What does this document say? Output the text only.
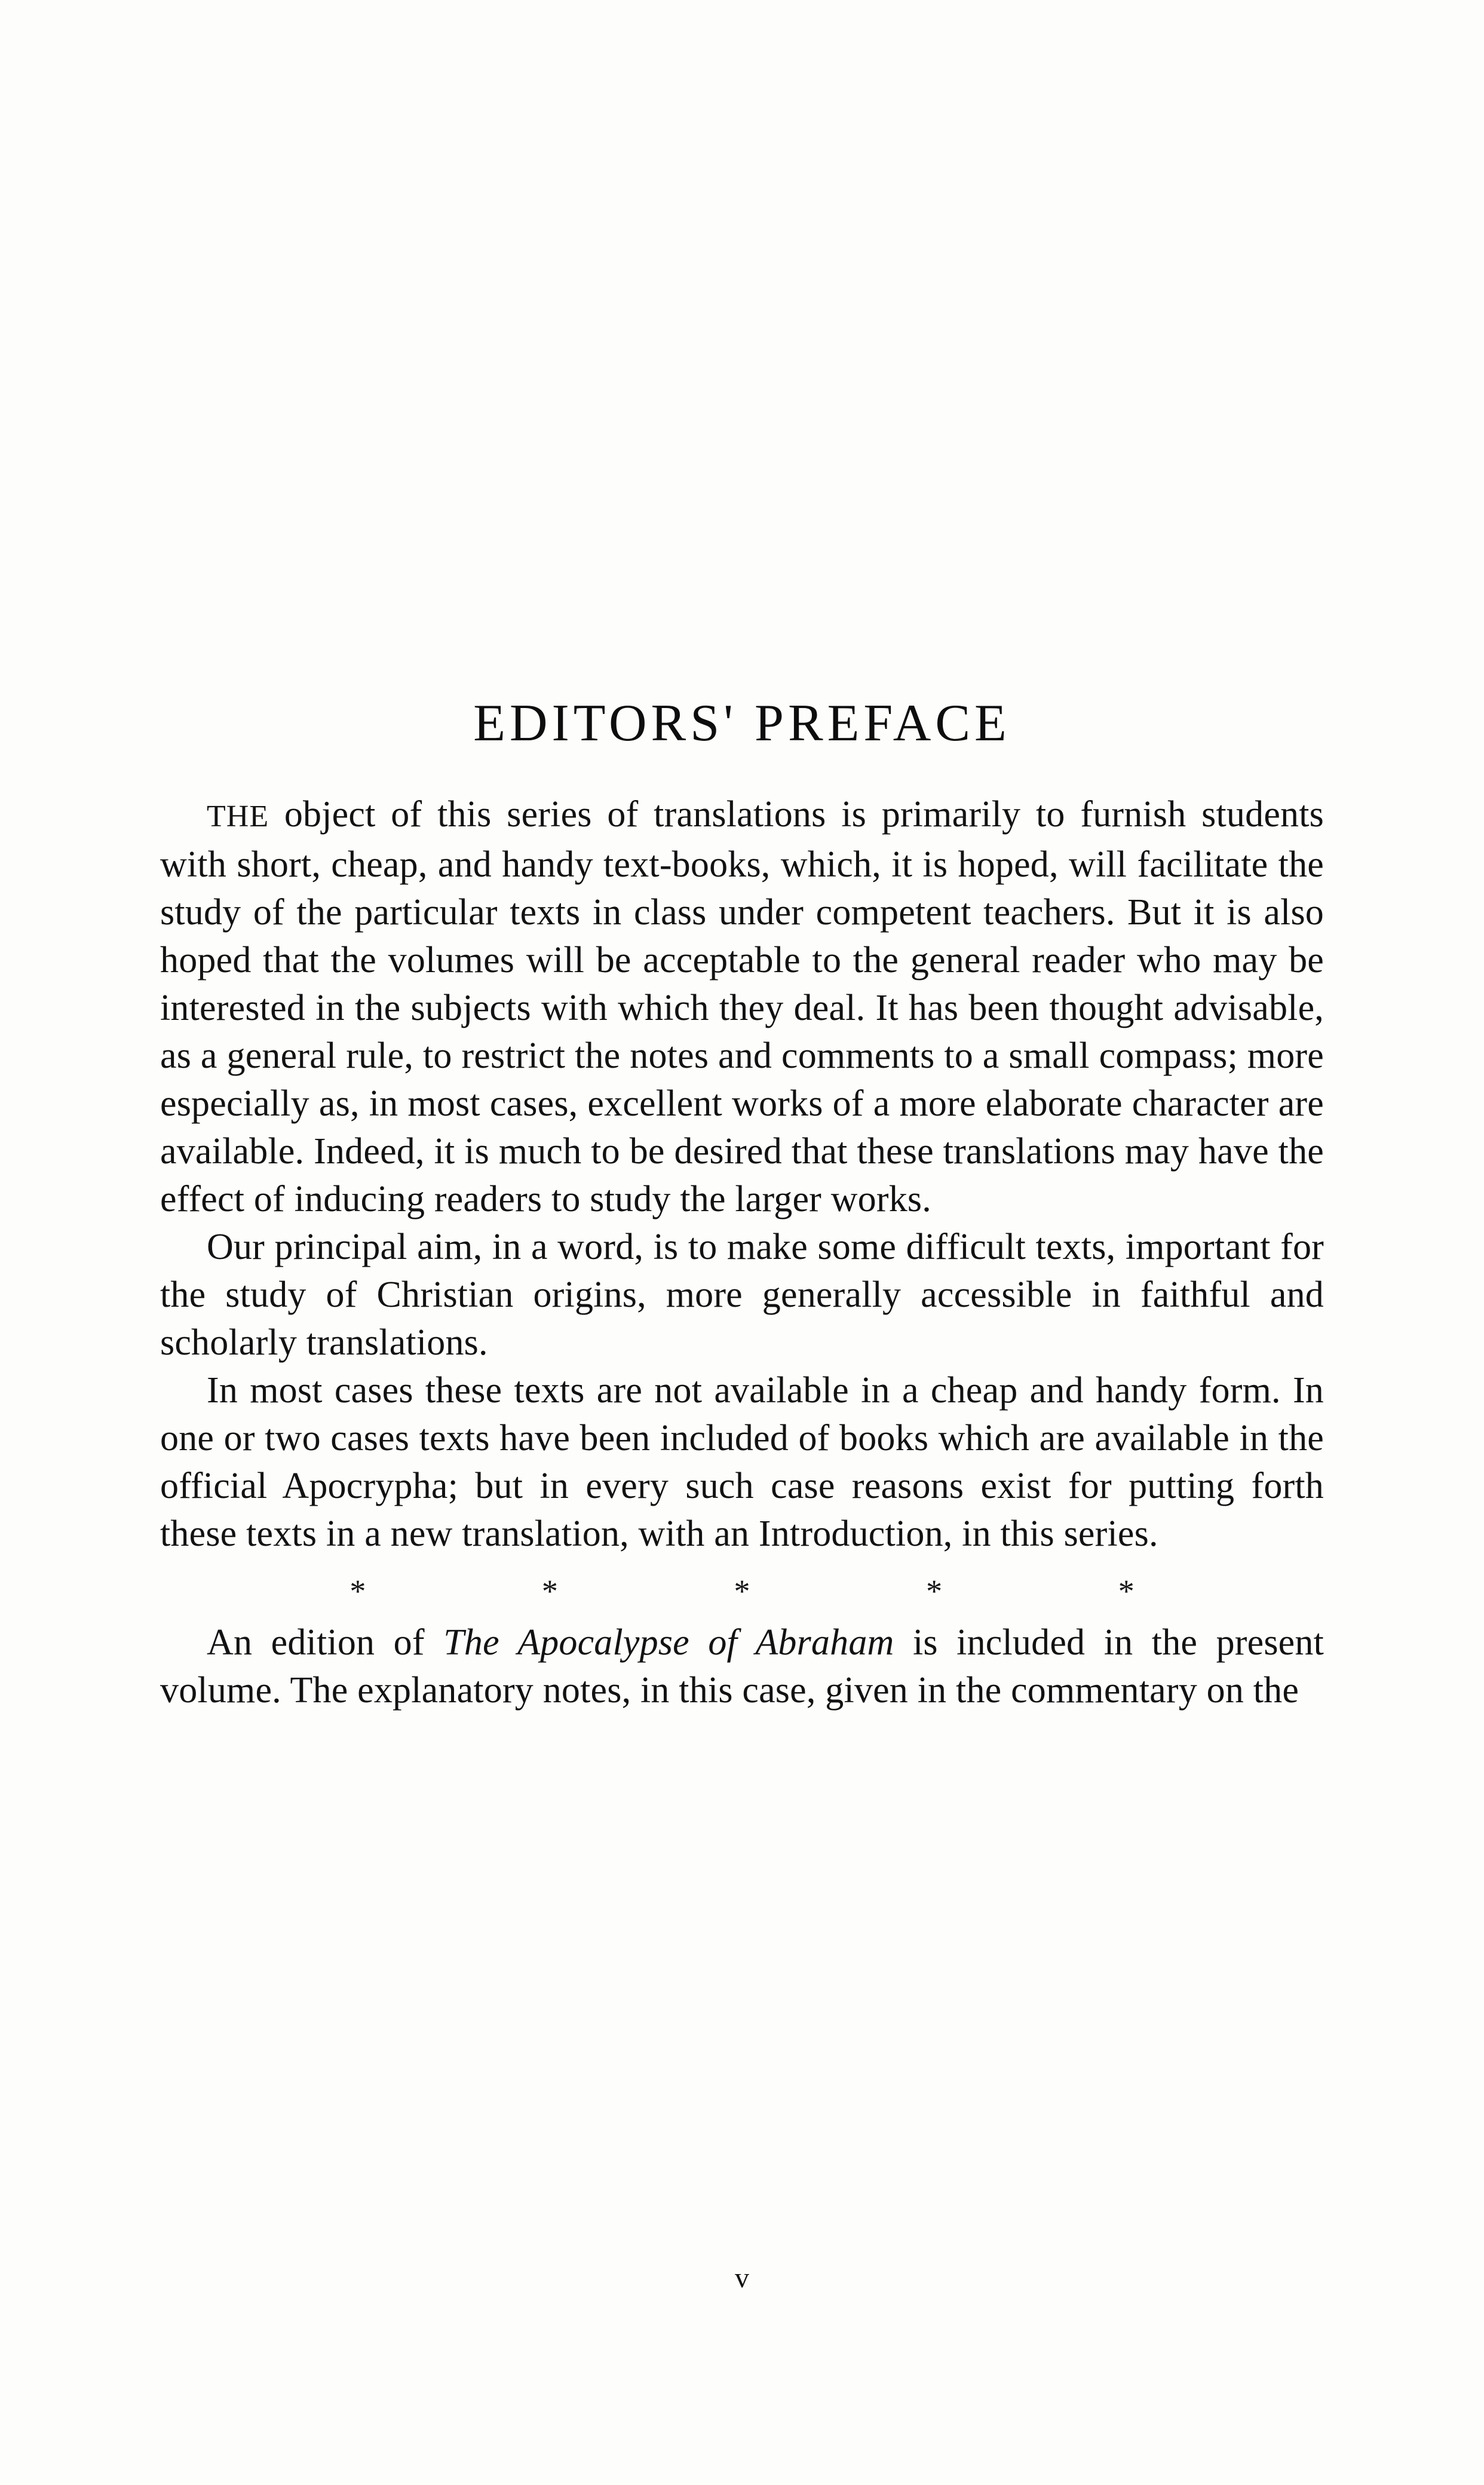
EDITORS' PREFACE

THE object of this series of translations is primarily to furnish students with short, cheap, and handy text-books, which, it is hoped, will facilitate the study of the particular texts in class under competent teachers. But it is also hoped that the volumes will be acceptable to the general reader who may be interested in the subjects with which they deal. It has been thought advisable, as a general rule, to restrict the notes and comments to a small compass; more especially as, in most cases, excellent works of a more elaborate character are available. Indeed, it is much to be desired that these translations may have the effect of inducing readers to study the larger works.

Our principal aim, in a word, is to make some difficult texts, important for the study of Christian origins, more generally accessible in faithful and scholarly translations.

In most cases these texts are not available in a cheap and handy form. In one or two cases texts have been included of books which are available in the official Apocrypha; but in every such case reasons exist for putting forth these texts in a new translation, with an Introduction, in this series.

*	*	*	*	*

An edition of The Apocalypse of Abraham is included in the present volume. The explanatory notes, in this case, given in the commentary on the

v
